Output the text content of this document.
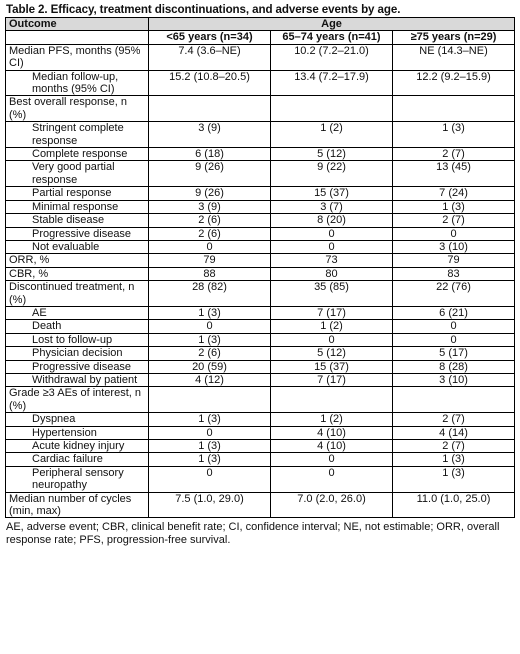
Table 2. Efficacy, treatment discontinuations, and adverse events by age.
Outcome	Age		
	<65 years (n=34)	65–74 years (n=41)	≥75 years (n=29)
Median PFS, months (95% CI)	7.4 (3.6–NE)	10.2 (7.2–21.0)	NE (14.3–NE)
Median follow-up, months (95% CI)	15.2 (10.8–20.5)	13.4 (7.2–17.9)	12.2 (9.2–15.9)
Best overall response, n (%)			
Stringent complete response	3 (9)	1 (2)	1 (3)
Complete response	6 (18)	5 (12)	2 (7)
Very good partial response	9 (26)	9 (22)	13 (45)
Partial response	9 (26)	15 (37)	7 (24)
Minimal response	3 (9)	3 (7)	1 (3)
Stable disease	2 (6)	8 (20)	2 (7)
Progressive disease	2 (6)	0	0
Not evaluable	0	0	3 (10)
ORR, %	79	73	79
CBR, %	88	80	83
Discontinued treatment, n (%)	28 (82)	35 (85)	22 (76)
AE	1 (3)	7 (17)	6 (21)
Death	0	1 (2)	0
Lost to follow-up	1 (3)	0	0
Physician decision	2 (6)	5 (12)	5 (17)
Progressive disease	20 (59)	15 (37)	8 (28)
Withdrawal by patient	4 (12)	7 (17)	3 (10)
Grade ≥3 AEs of interest, n (%)			
Dyspnea	1 (3)	1 (2)	2 (7)
Hypertension	0	4 (10)	4 (14)
Acute kidney injury	1 (3)	4 (10)	2 (7)
Cardiac failure	1 (3)	0	1 (3)
Peripheral sensory neuropathy	0	0	1 (3)
Median number of cycles (min, max)	7.5 (1.0, 29.0)	7.0 (2.0, 26.0)	11.0 (1.0, 25.0)
AE, adverse event; CBR, clinical benefit rate; CI, confidence interval; NE, not estimable; ORR, overall response rate; PFS, progression-free survival.
